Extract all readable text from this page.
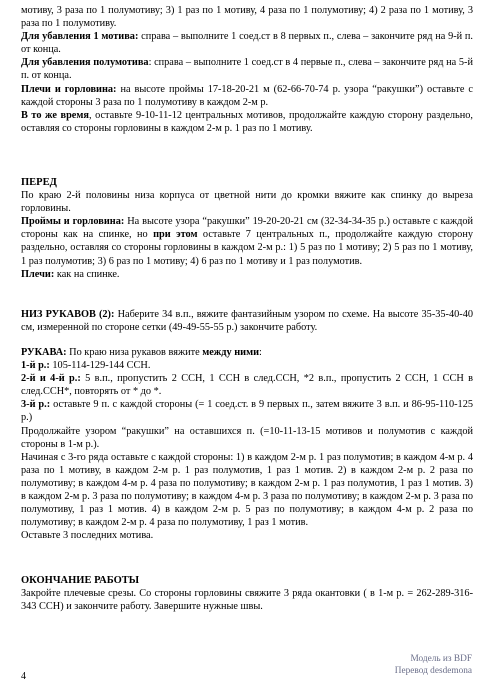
мотиву, 3 раза по 1 полумотиву; 3) 1 раз по 1 мотиву, 4 раза по 1 полумотиву; 4) 2 раза по 1 мотиву, 3 раза по 1 полумотиву.

Для убавления 1 мотива: справа – выполните 1 соед.ст в 8 первых п., слева – закончите ряд на 9-й п. от конца.

Для убавления полумотива: справа – выполните 1 соед.ст в 4 первые п., слева – закончите ряд на 5-й п. от конца.

Плечи и горловина: на высоте проймы 17-18-20-21 м (62-66-70-74 р. узора “ракушки”) оставьте с каждой стороны 3 раза по 1 полумотиву в каждом 2-м р.

В то же время, оставьте 9-10-11-12 центральных мотивов, продолжайте каждую сторону раздельно, оставляя со стороны горловины в каждом 2-м р. 1 раз по 1 мотиву.

ПЕРЕД

По краю 2-й половины низа корпуса от цветной нити до кромки вяжите как спинку до выреза горловины.

Проймы и горловина: На высоте узора “ракушки” 19-20-20-21 см (32-34-34-35 р.) оставьте с каждой стороны как на спинке, но при этом оставьте 7 центральных п., продолжайте каждую сторону раздельно, оставляя со стороны горловины в каждом 2-м р.: 1) 5 раз по 1 мотиву; 2) 5 раз по 1 мотиву, 1 раз полумотив; 3) 6 раз по 1 мотиву; 4) 6 раз по 1 мотиву и 1 раз полумотив.

Плечи: как на спинке.

НИЗ РУКАВОВ (2): Наберите 34 в.п., вяжите фантазийным узором по схеме. На высоте 35-35-40-40 см, измеренной по стороне сетки (49-49-55-55 р.) закончите работу.

РУКАВА: По краю низа рукавов вяжите между ними:

1-й р.: 105-114-129-144 ССН.

2-й и 4-й р.: 5 в.п., пропустить 2 ССН, 1 ССН в след.ССН, *2 в.п., пропустить 2 ССН, 1 ССН в след.ССН*, повторять от * до *.

3-й р.: оставьте 9 п. с каждой стороны (= 1 соед.ст. в 9 первых п., затем вяжите 3 в.п. и 86-95-110-125 р.)

Продолжайте узором “ракушки” на оставшихся п. (=10-11-13-15 мотивов и полумотив с каждой стороны в 1-м р.).

Начиная с 3-го ряда оставьте с каждой стороны: 1) в каждом 2-м р. 1 раз полумотив; в каждом 4-м р. 4 раза по 1 мотиву, в каждом 2-м р. 1 раз полумотив, 1 раз 1 мотив. 2) в каждом 2-м р. 2 раза по полумотиву; в каждом 4-м р. 4 раза по полумотиву; в каждом 2-м р. 1 раз полумотив, 1 раз 1 мотив. 3) в каждом 2-м р. 3 раза по полумотиву; в каждом 4-м р. 3 раза по полумотиву; в каждом 2-м р. 3 раза по полумотиву, 1 раз 1 мотив. 4) в каждом 2-м р. 5 раз по полумотиву; в каждом 4-м р. 2 раза по полумотиву; в каждом 2-м р. 4 раза по полумотиву, 1 раз 1 мотив.

Оставьте 3 последних мотива.

ОКОНЧАНИЕ РАБОТЫ

Закройте плечевые срезы. Со стороны горловины свяжите 3 ряда окантовки ( в 1-м р. = 262-289-316-343 ССН) и закончите работу. Завершите нужные швы.

Модель из BDF
Перевод desdemona
4
